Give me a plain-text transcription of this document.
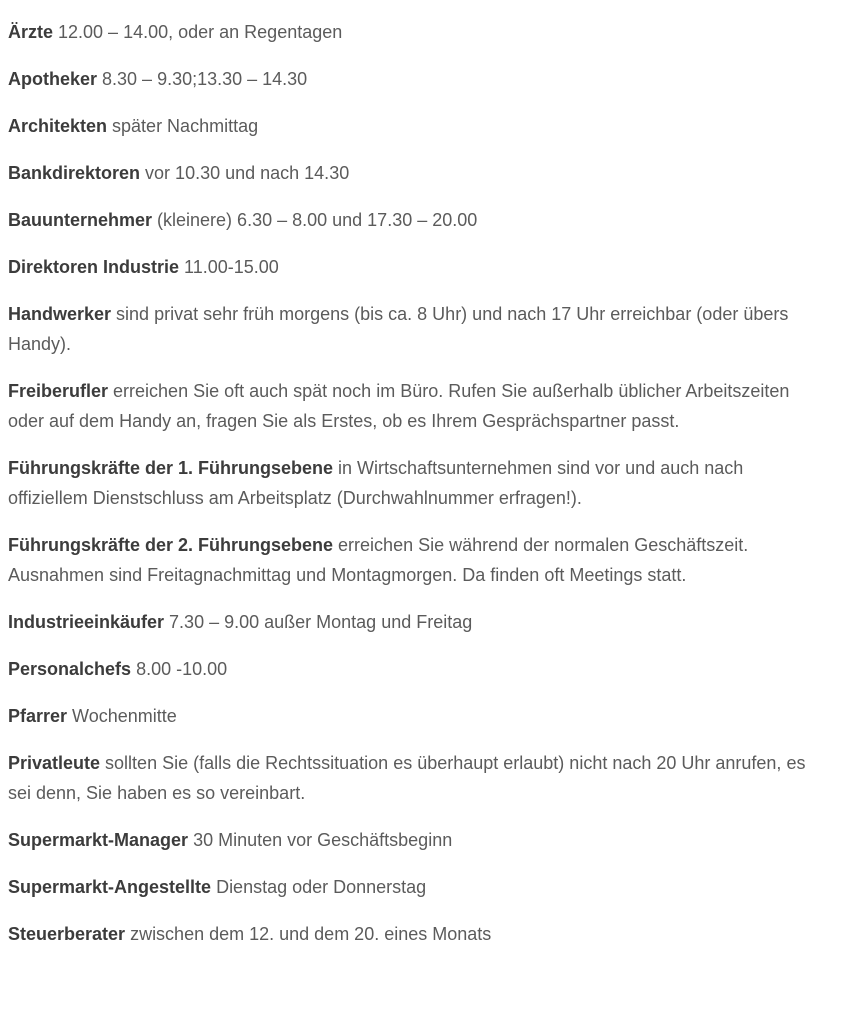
Ärzte 12.00 – 14.00, oder an Regentagen

Apotheker 8.30 – 9.30;13.30 – 14.30

Architekten später Nachmittag

Bankdirektoren vor 10.30 und nach 14.30

Bauunternehmer (kleinere) 6.30 – 8.00 und 17.30 – 20.00

Direktoren Industrie 11.00-15.00

Handwerker sind privat sehr früh morgens (bis ca. 8 Uhr) und nach 17 Uhr erreichbar (oder übers Handy).

Freiberufler erreichen Sie oft auch spät noch im Büro. Rufen Sie außerhalb üblicher Arbeitszeiten oder auf dem Handy an, fragen Sie als Erstes, ob es Ihrem Gesprächspartner passt.

Führungskräfte der 1. Führungsebene in Wirtschaftsunternehmen sind vor und auch nach offiziellem Dienstschluss am Arbeitsplatz (Durchwahlnummer erfragen!).

Führungskräfte der 2. Führungsebene erreichen Sie während der normalen Geschäftszeit. Ausnahmen sind Freitagnachmittag und Montagmorgen. Da finden oft Meetings statt.

Industrieeinkäufer 7.30 – 9.00 außer Montag und Freitag

Personalchefs 8.00 -10.00

Pfarrer Wochenmitte

Privatleute sollten Sie (falls die Rechtssituation es überhaupt erlaubt) nicht nach 20 Uhr anrufen, es sei denn, Sie haben es so vereinbart.

Supermarkt-Manager 30 Minuten vor Geschäftsbeginn

Supermarkt-Angestellte Dienstag oder Donnerstag

Steuerberater zwischen dem 12. und dem 20. eines Monats
